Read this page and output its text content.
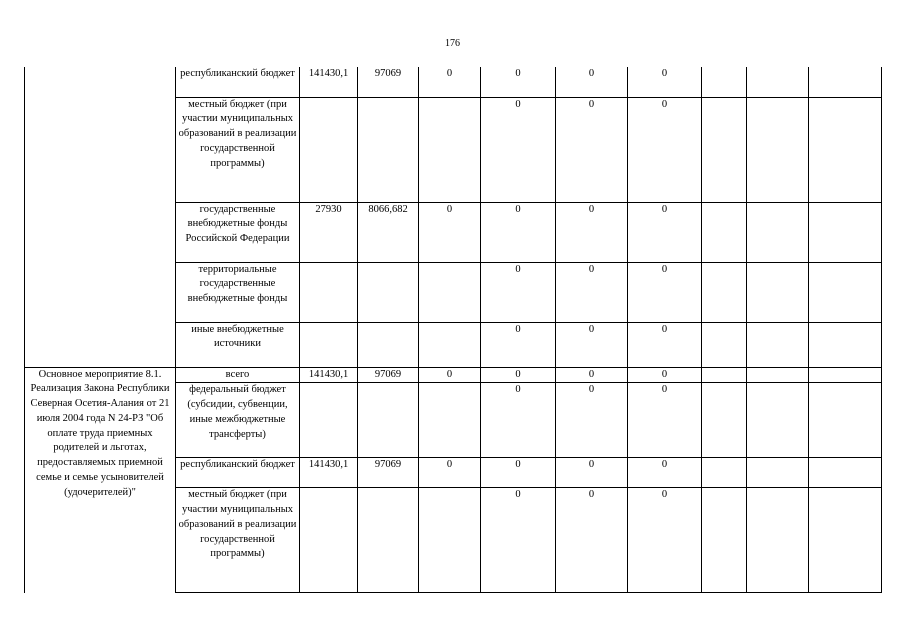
176
	республиканский бюджет	141430,1	97069	0	0	0	0			
	местный бюджет (при участии муниципальных образований в реализации государственной программы)				0	0	0			
	государственные внебюджетные фонды Российской Федерации	27930	8066,682	0	0	0	0			
	территориальные государственные внебюджетные фонды				0	0	0			
	иные внебюджетные источники				0	0	0			
Основное мероприятие 8.1. Реализация Закона Республики Северная Осетия-Алания от 21 июля 2004 года N 24-РЗ "Об оплате труда приемных родителей и льготах, предоставляемых приемной семье и семье усыновителей (удочерителей)"	всего	141430,1	97069	0	0	0	0			
	федеральный бюджет (субсидии, субвенции, иные межбюджетные трансферты)				0	0	0			
	республиканский бюджет	141430,1	97069	0	0	0	0			
	местный бюджет (при участии муниципальных образований в реализации государственной программы)				0	0	0			
